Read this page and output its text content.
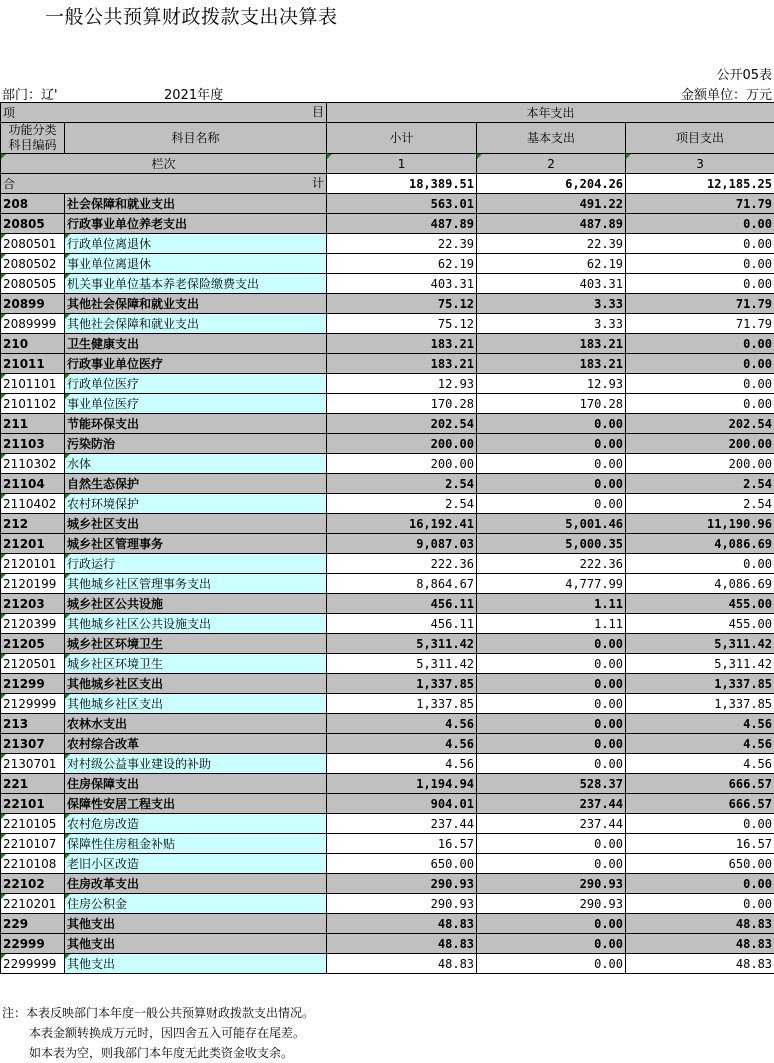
一般公共预算财政拨款支出决算表
公开05表
部门：辽'	2021年度	金额单位：万元
项 目		本年支出		
功能分类
科目编码	科目名称	小计	基本支出	项目支出
栏次		1	2	3
合 计		18,389.51	6,204.26	12,185.25
208	社会保障和就业支出	563.01	491.22	71.79
20805	行政事业单位养老支出	487.89	487.89	0.00
2080501	行政单位离退休	22.39	22.39	0.00
2080502	事业单位离退休	62.19	62.19	0.00
2080505	机关事业单位基本养老保险缴费支出	403.31	403.31	0.00
20899	其他社会保障和就业支出	75.12	3.33	71.79
2089999	其他社会保障和就业支出	75.12	3.33	71.79
210	卫生健康支出	183.21	183.21	0.00
21011	行政事业单位医疗	183.21	183.21	0.00
2101101	行政单位医疗	12.93	12.93	0.00
2101102	事业单位医疗	170.28	170.28	0.00
211	节能环保支出	202.54	0.00	202.54
21103	污染防治	200.00	0.00	200.00
2110302	水体	200.00	0.00	200.00
21104	自然生态保护	2.54	0.00	2.54
2110402	农村环境保护	2.54	0.00	2.54
212	城乡社区支出	16,192.41	5,001.46	11,190.96
21201	城乡社区管理事务	9,087.03	5,000.35	4,086.69
2120101	行政运行	222.36	222.36	0.00
2120199	其他城乡社区管理事务支出	8,864.67	4,777.99	4,086.69
21203	城乡社区公共设施	456.11	1.11	455.00
2120399	其他城乡社区公共设施支出	456.11	1.11	455.00
21205	城乡社区环境卫生	5,311.42	0.00	5,311.42
2120501	城乡社区环境卫生	5,311.42	0.00	5,311.42
21299	其他城乡社区支出	1,337.85	0.00	1,337.85
2129999	其他城乡社区支出	1,337.85	0.00	1,337.85
213	农林水支出	4.56	0.00	4.56
21307	农村综合改革	4.56	0.00	4.56
2130701	对村级公益事业建设的补助	4.56	0.00	4.56
221	住房保障支出	1,194.94	528.37	666.57
22101	保障性安居工程支出	904.01	237.44	666.57
2210105	农村危房改造	237.44	237.44	0.00
2210107	保障性住房租金补贴	16.57	0.00	16.57
2210108	老旧小区改造	650.00	0.00	650.00
22102	住房改革支出	290.93	290.93	0.00
2210201	住房公积金	290.93	290.93	0.00
229	其他支出	48.83	0.00	48.83
22999	其他支出	48.83	0.00	48.83
2299999	其他支出	48.83	0.00	48.83
注：本表反映部门本年度一般公共预算财政拨款支出情况。
本表金额转换成万元时，因四舍五入可能存在尾差。
如本表为空，则我部门本年度无此类资金收支余。
